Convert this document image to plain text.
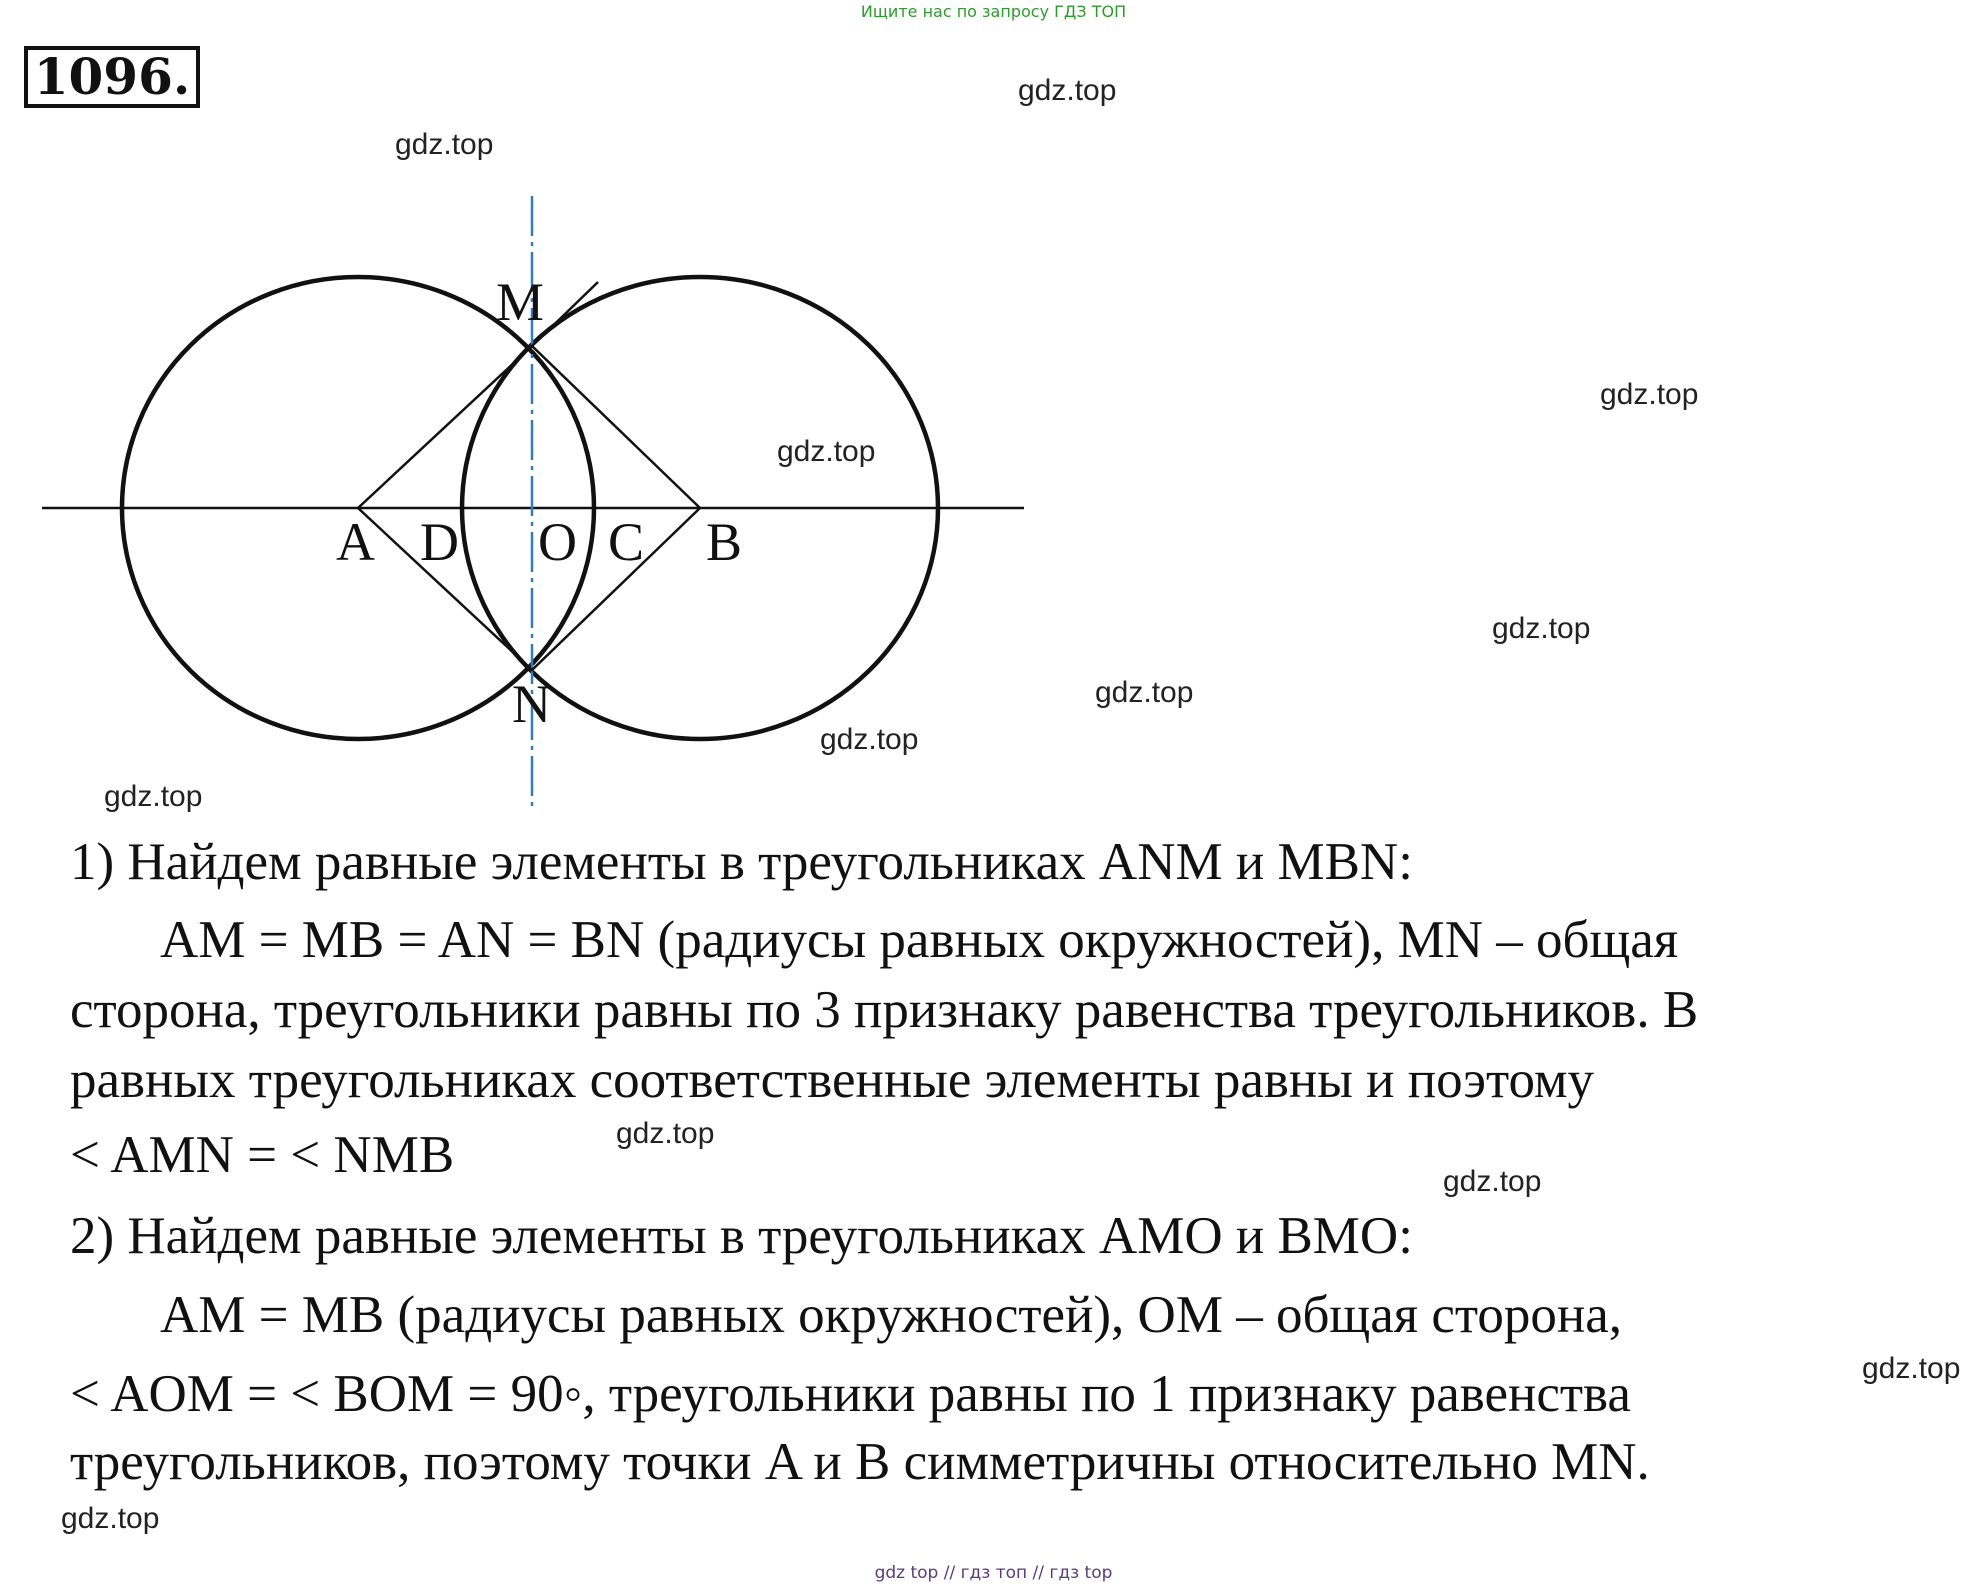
Ищите нас по запросу ГДЗ ТОП
1096.	gdz.top
gdz.top
gdz.top
gdz.top
gdz.top
gdz.top
gdz.top
gdz.top
gdz.top
gdz.top
gdz.top
gdz.top
M
A D O C B
N
1) Найдем равные элементы в треугольниках ANM и MBN:
AM = MB = AN = BN (радиусы равных окружностей), MN – общая
сторона, треугольники равны по 3 признаку равенства треугольников. В
равных треугольниках соответственные элементы равны и поэтому
< AMN = < NMB
2) Найдем равные элементы в треугольниках AMO и BMO:
AM = MB (радиусы равных окружностей), OM – общая сторона,
< AOM = < BOM = 90◦, треугольники равны по 1 признаку равенства
треугольников, поэтому точки A и B симметричны относительно MN.
gdz top // гдз топ // гдз top
